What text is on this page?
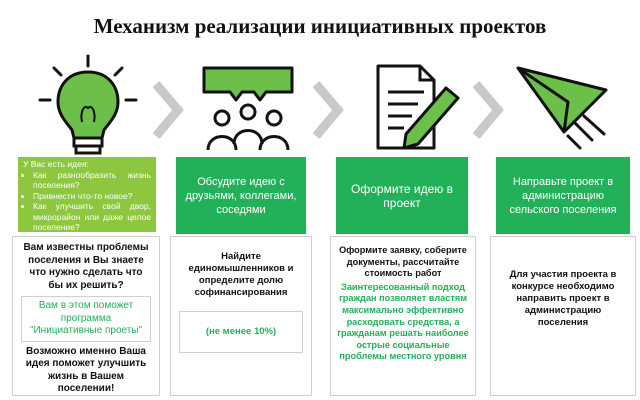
Механизм реализации инициативных проектов
У Вас есть идея:
• Как разнообразить жизнь поселения?
• Привнести что-то новое?
• Как улучшить свой двор, микрорайон или даже целое поселение?
Вам известны проблемы поселения и Вы знаете что нужно сделать что бы их решить?
Вам в этом поможет программа
"Инициативные проеты"
Возможно именно Ваша идея поможет улучшить жизнь в Вашем поселении!
Обсудите идею с друзьями, коллегами, соседями
Найдите единомышленников и определите долю софинансирования
(не менее 10%)
Оформите идею в проект
Оформите заявку, соберите документы, рассчитайте стоимость работ
Заинтересованный подход граждан позволяет властям максимально эффективно расходовать средства, а гражданам решать наиболее острые социальные проблемы местного уровня
Направьте проект в администрацию сельского поселения
Для участия проекта в конкурсе необходимо направить проект в администрацию поселения
